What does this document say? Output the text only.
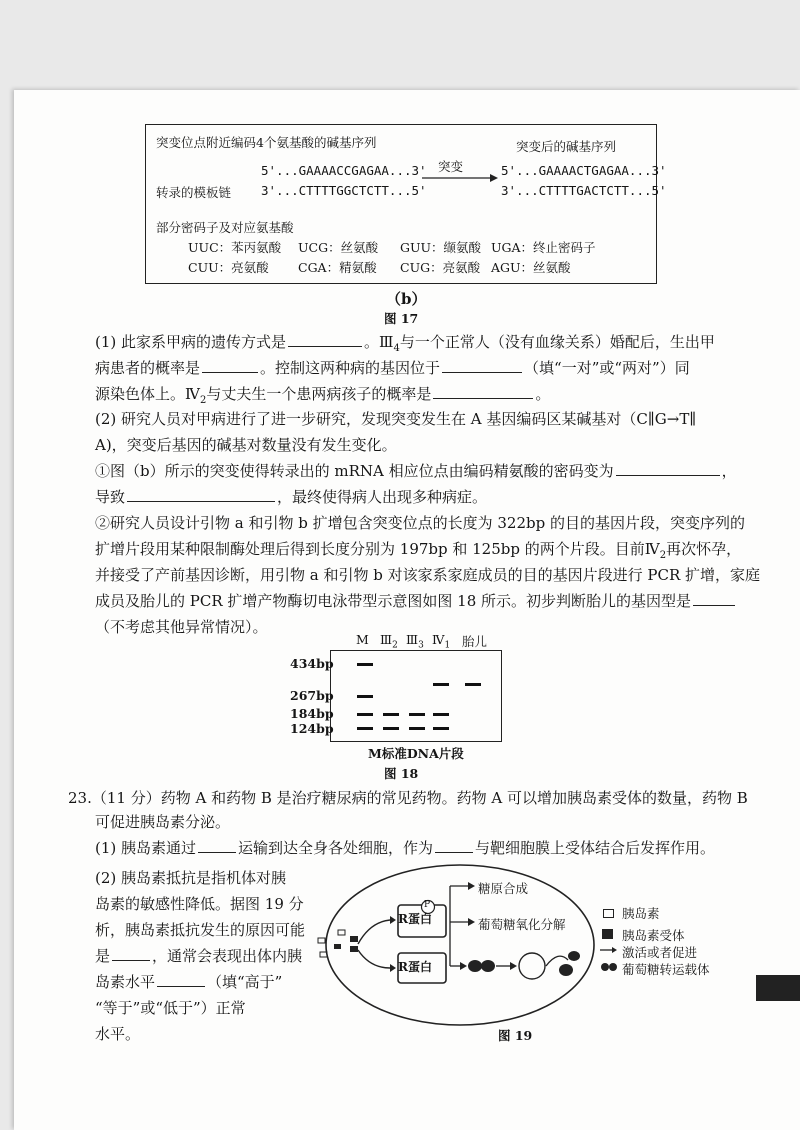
突变位点附近编码4个氨基酸的碱基序列	突变后的碱基序列
5'...GAAAACCGAGAA...3'
转录的模板链 3'...CTTTTGGCTCTT...5'
突变	5'...GAAAACTGAGAA...3'
3'...CTTTTGACTCTT...5'
部分密码子及对应氨基酸
UUC：苯丙氨酸 UCG：丝氨酸 GUU：缬氨酸 UGA：终止密码子
CUU：亮氨酸 CGA：精氨酸 CUG：亮氨酸 AGU：丝氨酸
（b）
图 17
(1) 此家系甲病的遗传方式是	。$Ⅲ_4$与一个正常人（没有血缘关系）婚配后，生出甲
病患者的概率是	。控制这两种病的基因位于	（填“一对”或“两对”）同
源染色体上。$Ⅳ_2$与丈夫生一个患两病孩子的概率是	。
(2) 研究人员对甲病进行了进一步研究，发现突变发生在 A 基因编码区某碱基对（C∥G→T∥
A)，突变后基因的碱基对数量没有发生变化。
①图（b）所示的突变使得转录出的 mRNA 相应位点由编码精氨酸的密码变为	，
导致	，最终使得病人出现多种病症。
②研究人员设计引物 a 和引物 b 扩增包含突变位点的长度为 322bp 的目的基因片段，突变序列的
扩增片段用某种限制酶处理后得到长度分别为 197bp 和 125bp 的两个片段。目前$Ⅳ_2$再次怀孕，
并接受了产前基因诊断，用引物 a 和引物 b 对该家系家庭成员的目的基因片段进行 PCR 扩增，家庭
成员及胎儿的 PCR 扩增产物酶切电泳带型示意图如图 18 所示。初步判断胎儿的基因型是
（不考虑其他异常情况）。
M $Ⅲ_2$ $Ⅲ_3$ $Ⅳ_1$ 胎儿
434bp
267bp
184bp
124bp
M标准DNA片段
图 18
23.（11 分）药物 A 和药物 B 是治疗糖尿病的常见药物。药物 A 可以增加胰岛素受体的数量，药物 B
可促进胰岛素分泌。
(1) 胰岛素通过	运输到达全身各处细胞，作为	与靶细胞膜上受体结合后发挥作用。
(2) 胰岛素抵抗是指机体对胰
岛素的敏感性降低。据图 19 分
析，胰岛素抵抗发生的原因可能
是	，通常会表现出体内胰
岛素水平	（填“高于”
“等于”或“低于”）正常
水平。
R蛋白
R蛋白
P
糖原合成
葡萄糖氧化分解
胰岛素
胰岛素受体
激活或者促进
葡萄糖转运载体
图 19
